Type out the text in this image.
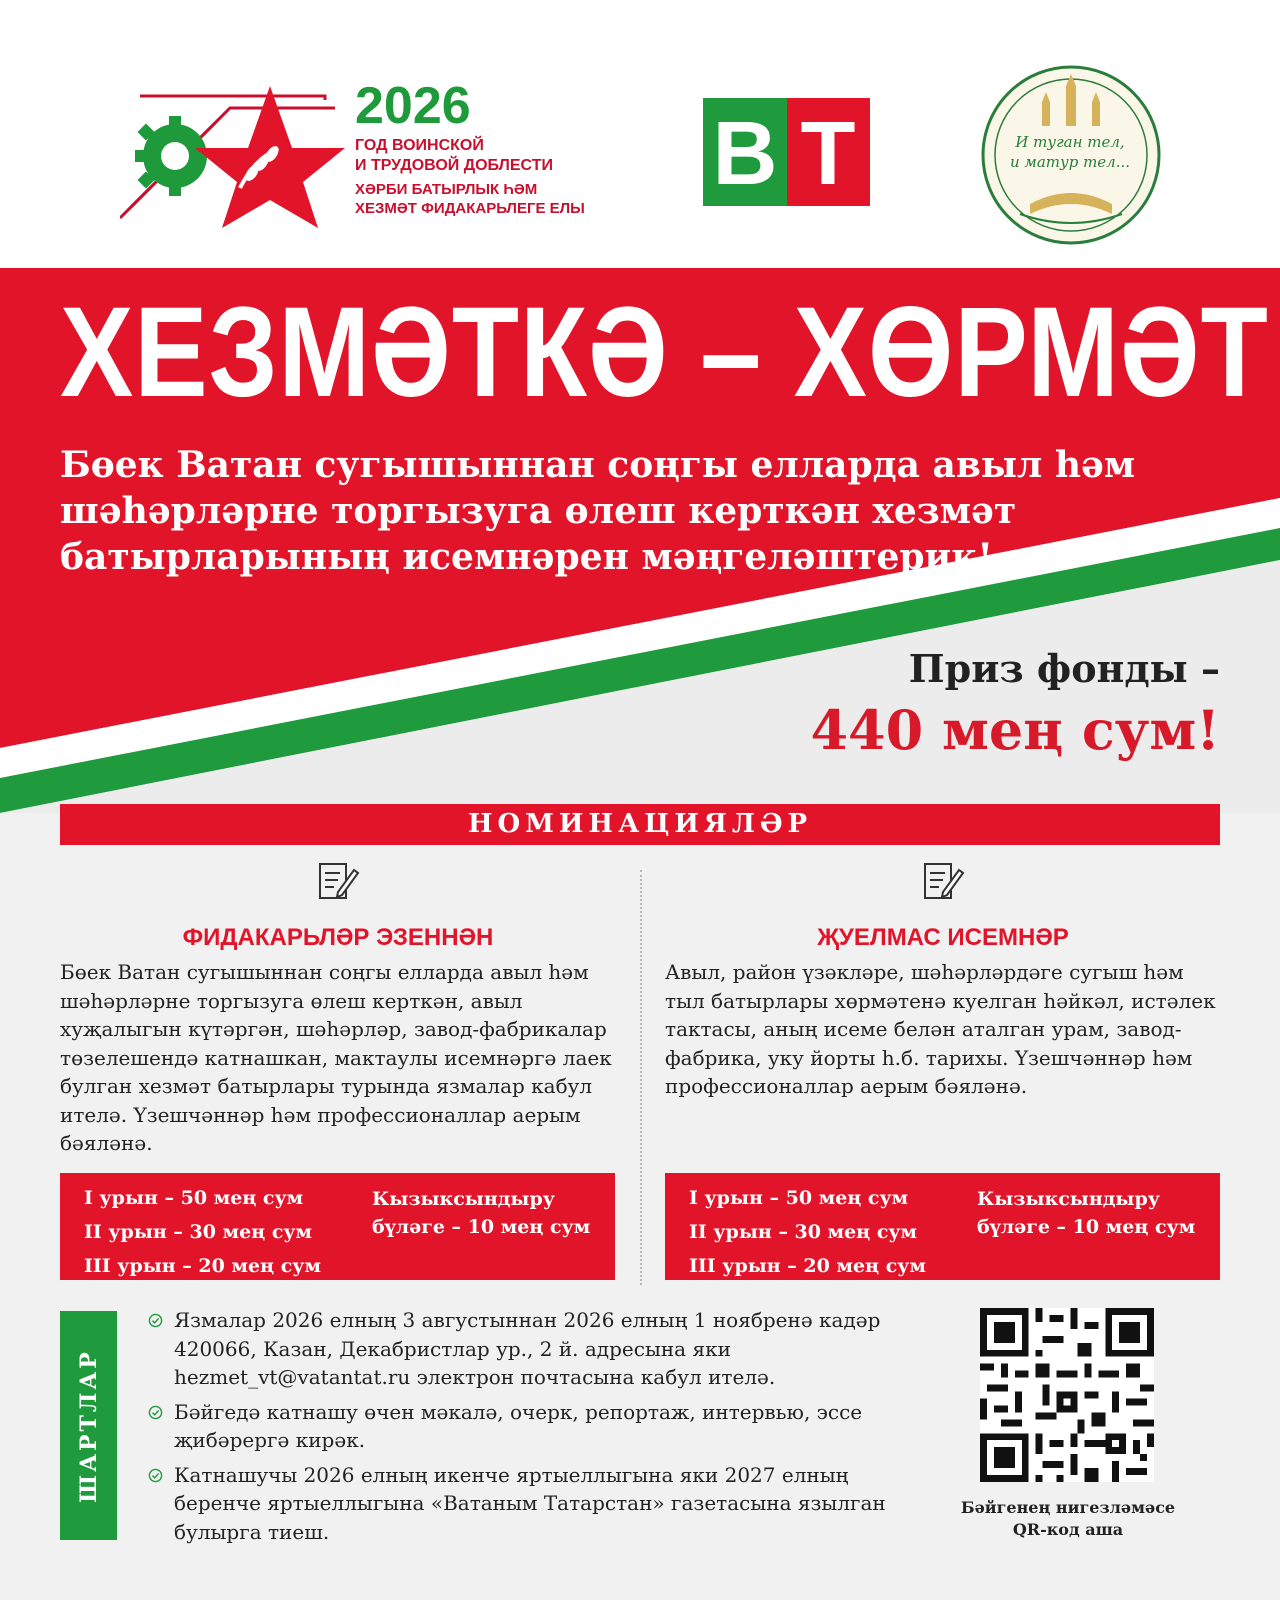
2026
ГОД ВОИНСКОЙ
И ТРУДОВОЙ ДОБЛЕСТИ
ХӘРБИ БАТЫРЛЫК ҺӘМ
ХЕЗМӘТ ФИДАКАРЬЛЕГЕ ЕЛЫ
B T	И туган тел,
и матур тел...
ХЕЗМӘТКӘ – ХӨРМӘТ
Бөек Ватан сугышыннан соңгы елларда авыл һәм шәһәрләрне торгызуга өлеш керткән хезмәт батырларының исемнәрен мәңгеләштерик!
Приз фонды –
440 мең сум!
НОМИНАЦИЯЛӘР
ФИДАКАРЬЛӘР ЭЗЕННӘН
Бөек Ватан сугышыннан соңгы елларда авыл һәм шәһәрләрне торгызуга өлеш керткән, авыл хуҗалыгын күтәргән, шәһәрләр, завод-фабрикалар төзелешендә катнашкан, мактаулы исемнәргә лаек булган хезмәт батырлары турында язмалар кабул ителә. Үзешчәннәр һәм профессионаллар аерым бәяләнә.
ҖУЕЛМАС ИСЕМНӘР
Авыл, район үзәкләре, шәһәрләрдәге сугыш һәм тыл батырлары хөрмәтенә куелган һәйкәл, истәлек тактасы, аның исеме белән аталган урам, завод-фабрика, уку йорты һ.б. тарихы. Үзешчәннәр һәм профессионаллар аерым бәяләнә.
I урын – 50 мең сум
II урын – 30 мең сум
III урын – 20 мең сум
Кызыксындыру бүләге – 10 мең сум
I урын – 50 мең сум
II урын – 30 мең сум
III урын – 20 мең сум
Кызыксындыру бүләге – 10 мең сум
ШАРТЛАР
Язмалар 2026 елның 3 августыннан 2026 елның 1 ноябренә кадәр 420066, Казан, Декабристлар ур., 2 й. адресына яки hezmet_vt@vatantat.ru электрон почтасына кабул ителә.
Бәйгедә катнашу өчен мәкалә, очерк, репортаж, интервью, эссе җибәрергә кирәк.
Катнашучы 2026 елның икенче яртыеллыгына яки 2027 елның беренче яртыеллыгына «Ватаным Татарстан» газетасына язылган булырга тиеш.
Бәйгенең нигезләмәсе
QR-код аша
